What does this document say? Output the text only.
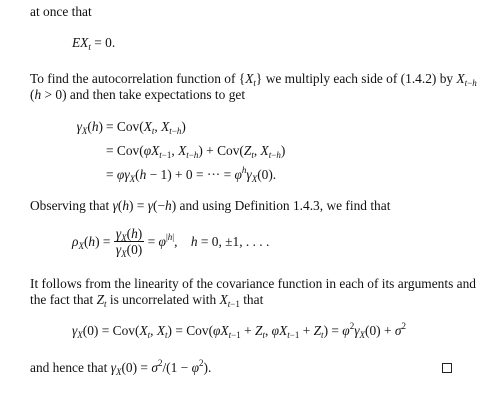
at once that
$EX_t = 0$.
To find the autocorrelation function of $\{X_t\}$ we multiply each side of (1.4.2) by $X_{t-h}$
(h > 0) and then take expectations to get
$\gamma_X(h) = Cov(X_t$, $X_{t-h}$)
= $Cov(\varphi X_{t-1}$, $X_{t-h}) + Cov(Z_t$, $X_{t-h}$)
= $\varphi\gamma_X(h - 1) + 0$ = ··· = $\varphi^h\gamma_X(0)$.
Observing that γ(h) = γ(−h) and using Definition 1.4.3, we find that
$\rho_X(h) = \frac{\gamma_X(h)}{\gamma_X(0)} = \varphi^{|h|}$,    h = 0, ±1, . . . .
It follows from the linearity of the covariance function in each of its arguments and
the fact that $Z_t$ is uncorrelated with $X_{t-1}$ that
$\gamma_X(0) = Cov(X_t$, $X_t) = Cov(\varphi X_{t-1} + Z_t$, $\varphi X_{t-1} + Z_t) = \varphi^2\gamma_X(0) + \sigma^2$
and hence that $\gamma_X(0) = \sigma^2/(1 - \varphi^2)$.
